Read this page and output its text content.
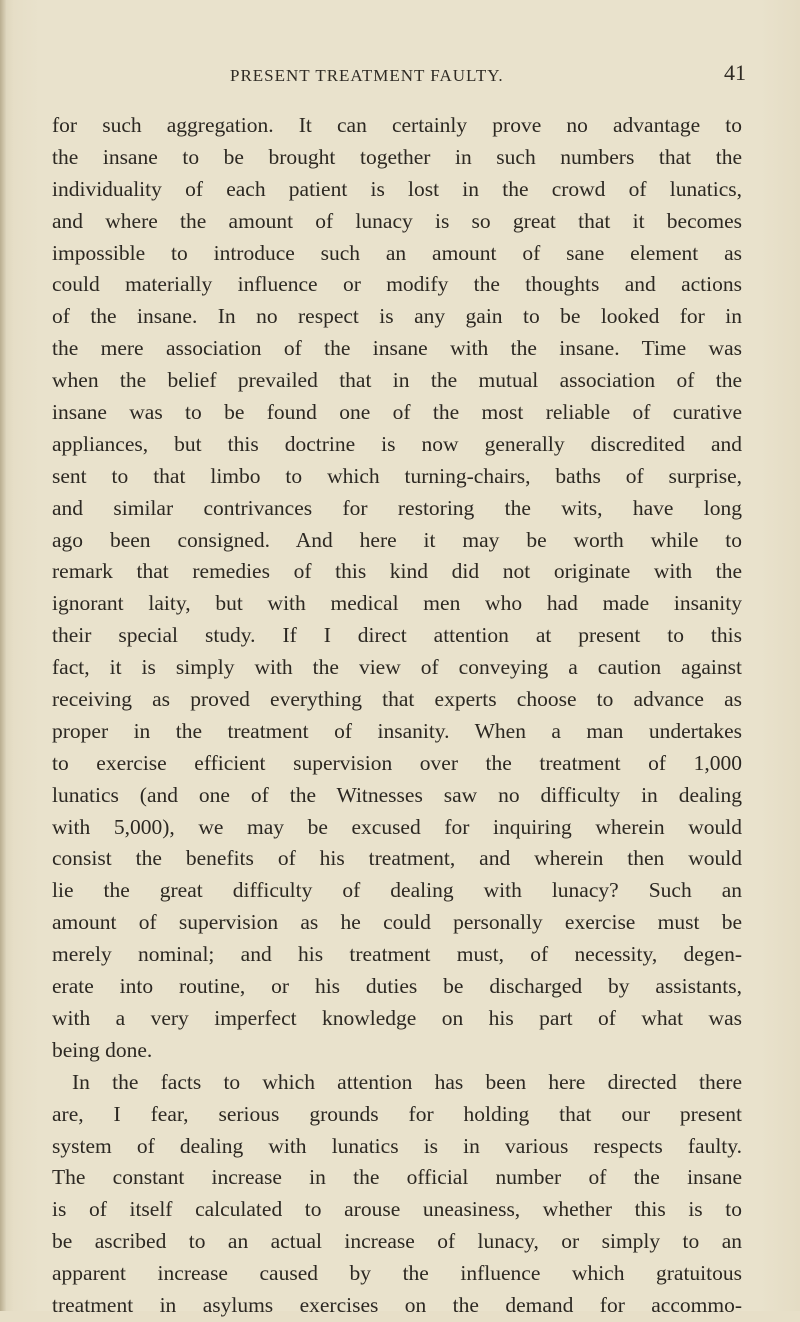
PRESENT TREATMENT FAULTY.	41
for such aggregation. It can certainly prove no advantage to
the insane to be brought together in such numbers that the
individuality of each patient is lost in the crowd of lunatics,
and where the amount of lunacy is so great that it becomes
impossible to introduce such an amount of sane element as
could materially influence or modify the thoughts and actions
of the insane. In no respect is any gain to be looked for in
the mere association of the insane with the insane. Time was
when the belief prevailed that in the mutual association of the
insane was to be found one of the most reliable of curative
appliances, but this doctrine is now generally discredited and
sent to that limbo to which turning-chairs, baths of surprise,
and similar contrivances for restoring the wits, have long
ago been consigned. And here it may be worth while to
remark that remedies of this kind did not originate with the
ignorant laity, but with medical men who had made insanity
their special study. If I direct attention at present to this
fact, it is simply with the view of conveying a caution against
receiving as proved everything that experts choose to advance as
proper in the treatment of insanity. When a man undertakes
to exercise efficient supervision over the treatment of 1,000
lunatics (and one of the Witnesses saw no difficulty in dealing
with 5,000), we may be excused for inquiring wherein would
consist the benefits of his treatment, and wherein then would
lie the great difficulty of dealing with lunacy? Such an
amount of supervision as he could personally exercise must be
merely nominal; and his treatment must, of necessity, degen-
erate into routine, or his duties be discharged by assistants,
with a very imperfect knowledge on his part of what was
being done.
In the facts to which attention has been here directed there
are, I fear, serious grounds for holding that our present
system of dealing with lunatics is in various respects faulty.
The constant increase in the official number of the insane
is of itself calculated to arouse uneasiness, whether this is to
be ascribed to an actual increase of lunacy, or simply to an
apparent increase caused by the influence which gratuitous
treatment in asylums exercises on the demand for accommo-
